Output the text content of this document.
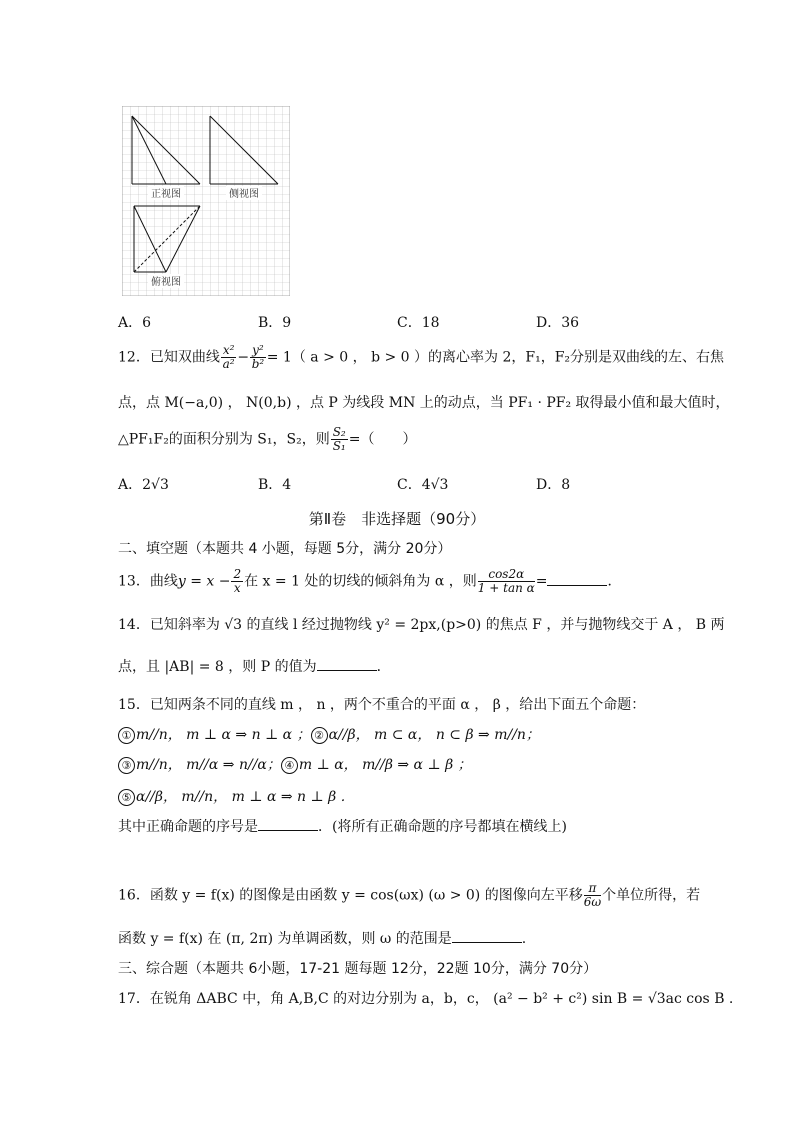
正视图	侧视图
俯视图
A．6	B．9	C．18	D．36
12．已知双曲线 $\frac{\text{x²}}{\text{a²}} - \frac{\text{y²}}{\text{b²}} = 1$（ a > 0 ， b > 0 ）的离心率为 2，F₁，F₂分别是双曲线的左、右焦
点，点 M(−a,0) ， N(0,b) ，点 P 为线段 MN 上的动点，当 PF₁ · PF₂ 取得最小值和最大值时，
△PF₁F₂的面积分别为 S₁，S₂，则 $\frac{\text{S₂}}{\text{S₁}}$ =（　　）
A．2√3	B．4	C．4√3	D．8
第Ⅱ卷　非选择题（90分）
二、填空题（本题共 4 小题，每题 5分，满分 20分）
13．曲线$y = x - \frac{2}{x}$ 在 x = 1 处的切线的倾斜角为 α ，则 $\frac{\cos 2\alpha}{\text{1 + tan α}}$ =	．
14．已知斜率为 √3 的直线 l 经过抛物线 y² = 2px,(p>0) 的焦点 F ，并与抛物线交于 A ， B 两
点，且 |AB| = 8 ，则 P 的值为	．
15．已知两条不同的直线 m ， n ，两个不重合的平面 α ， β ，给出下面五个命题：
① m//n， m ⊥ α ⇒ n ⊥ α ； ② α//β， m ⊂ α， n ⊂ β ⇒ m//n；
③ m//n， m//α ⇒ n//α； ④ m ⊥ α， m//β ⇒ α ⊥ β ；
⑤ α//β， m//n， m ⊥ α ⇒ n ⊥ β ．
其中正确命题的序号是	．(将所有正确命题的序号都填在横线上)
16．函数 y = f(x) 的图像是由函数 y = cos(ωx) (ω > 0) 的图像向左平移 $\frac{\pi}{6\omega}$ 个单位所得，若
函数 y = f(x) 在 (π, 2π) 为单调函数，则 ω 的范围是	.
三、综合题（本题共 6小题，17-21 题每题 12分，22题 10分，满分 70分）
17．在锐角 ΔABC 中，角 A,B,C 的对边分别为 a，b，c， (a² − b² + c²) sin B = √3ac cos B .
